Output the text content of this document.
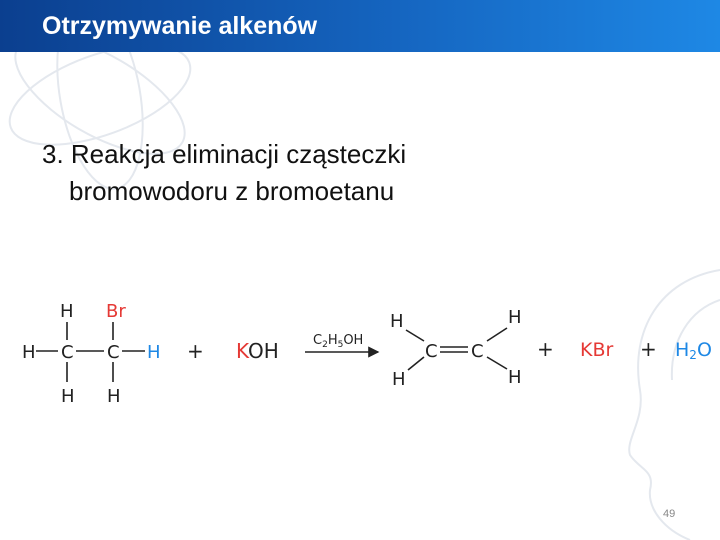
Otrzymywanie alkenów
3. Reakcja eliminacji cząsteczki
bromowodoru z bromoetanu
H Br
H C C H
H H
+ KOH	$C_2H_5OH$
H	H
C C
H	H
+ KBr + H2O
49
